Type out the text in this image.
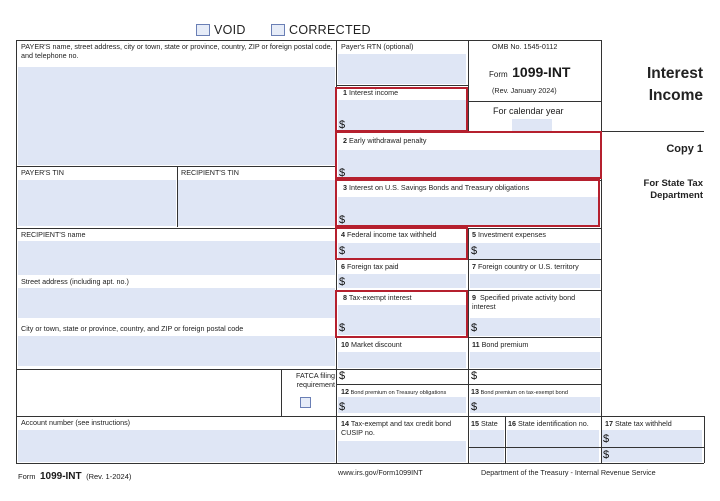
VOID	CORRECTED
PAYER'S name, street address, city or town, state or province, country, ZIP or foreign postal code, and telephone no.
PAYER'S TIN	RECIPIENT'S TIN
RECIPIENT'S name
Street address (including apt. no.)
City or town, state or province, country, and ZIP or foreign postal code
FATCA filing requirement
Account number (see instructions)
Payer's RTN (optional)	OMB No. 1545-0112
Form 1099-INT
(Rev. January 2024)
For calendar year
Interest
Income
Copy 1
For State Tax
Department
1 Interest income
2 Early withdrawal penalty
3 Interest on U.S. Savings Bonds and Treasury obligations
4 Federal income tax withheld	5 Investment expenses
6 Foreign tax paid	7 Foreign country or U.S. territory
8 Tax-exempt interest	9 Specified private activity bond interest
10 Market discount	11 Bond premium
12 Bond premium on Treasury obligations	13 Bond premium on tax-exempt bond
14 Tax-exempt and tax credit bond CUSIP no.
15 State 16 State identification no. 17 State tax withheld
$
$
$
$	$
$
$	$
$	$
$	$
$
$
Form 1099-INT (Rev. 1-2024)	www.irs.gov/Form1099INT	Department of the Treasury - Internal Revenue Service
